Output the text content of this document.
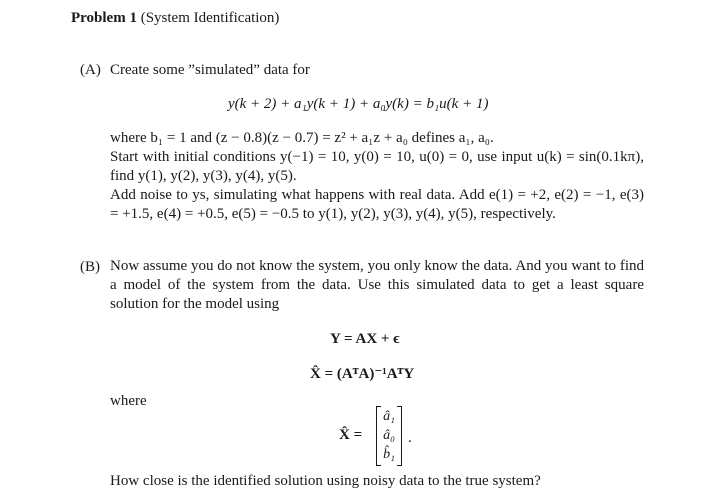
Problem 1 (System Identification)
(A) Create some ”simulated” data for
y(k + 2) + a₁y(k + 1) + a₀y(k) = b₁u(k + 1)
where b₁ = 1 and (z − 0.8)(z − 0.7) = z² + a₁z + a₀ defines a₁, a₀.
Start with initial conditions y(−1) = 10, y(0) = 10, u(0) = 0, use input u(k) = sin(0.1kπ), find y(1), y(2), y(3), y(4), y(5).
Add noise to ys, simulating what happens with real data. Add e(1) = +2, e(2) = −1, e(3) = +1.5, e(4) = +0.5, e(5) = −0.5 to y(1), y(2), y(3), y(4), y(5), respectively.
(B) Now assume you do not know the system, you only know the data. And you want to find a model of the system from the data. Use this simulated data to get a least square solution for the model using
Y = AX + ϵ
X̂ = (AᵀA)⁻¹AᵀY
where
X̂ =
â₁
â₀
b̂₁
.
How close is the identified solution using noisy data to the true system?
